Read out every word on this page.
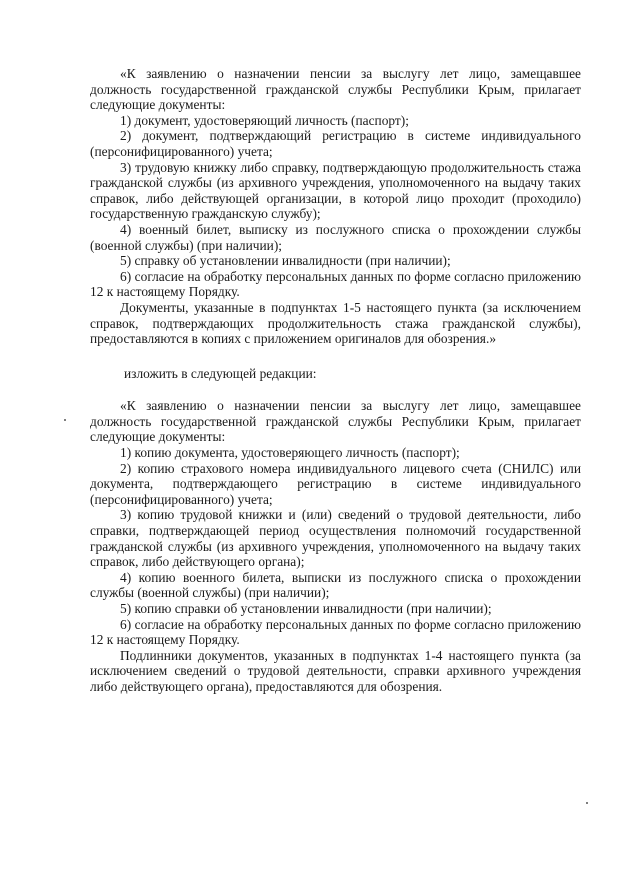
«К заявлению о назначении пенсии за выслугу лет лицо, замещавшее должность государственной гражданской службы Республики Крым, прилагает следующие документы:

1) документ, удостоверяющий личность (паспорт);

2) документ, подтверждающий регистрацию в системе индивидуального (персонифицированного) учета;

3) трудовую книжку либо справку, подтверждающую продолжительность стажа гражданской службы (из архивного учреждения, уполномоченного на выдачу таких справок, либо действующей организации, в которой лицо проходит (проходило) государственную гражданскую службу);

4) военный билет, выписку из послужного списка о прохождении службы (военной службы) (при наличии);

5) справку об установлении инвалидности (при наличии);

6) согласие на обработку персональных данных по форме согласно приложению 12 к настоящему Порядку.

Документы, указанные в подпунктах 1-5 настоящего пункта (за исключением справок, подтверждающих продолжительность стажа гражданской службы), предоставляются в копиях с приложением оригиналов для обозрения.»

изложить в следующей редакции:

«К заявлению о назначении пенсии за выслугу лет лицо, замещавшее должность государственной гражданской службы Республики Крым, прилагает следующие документы:

1) копию документа, удостоверяющего личность (паспорт);

2) копию страхового номера индивидуального лицевого счета (СНИЛС) или документа, подтверждающего регистрацию в системе индивидуального (персонифицированного) учета;

3) копию трудовой книжки и (или) сведений о трудовой деятельности, либо справки, подтверждающей период осуществления полномочий государственной гражданской службы (из архивного учреждения, уполномоченного на выдачу таких справок, либо действующего органа);

4) копию военного билета, выписки из послужного списка о прохождении службы (военной службы) (при наличии);

5) копию справки об установлении инвалидности (при наличии);

6) согласие на обработку персональных данных по форме согласно приложению 12 к настоящему Порядку.

Подлинники документов, указанных в подпунктах 1-4 настоящего пункта (за исключением сведений о трудовой деятельности, справки архивного учреждения либо действующего органа), предоставляются для обозрения.
